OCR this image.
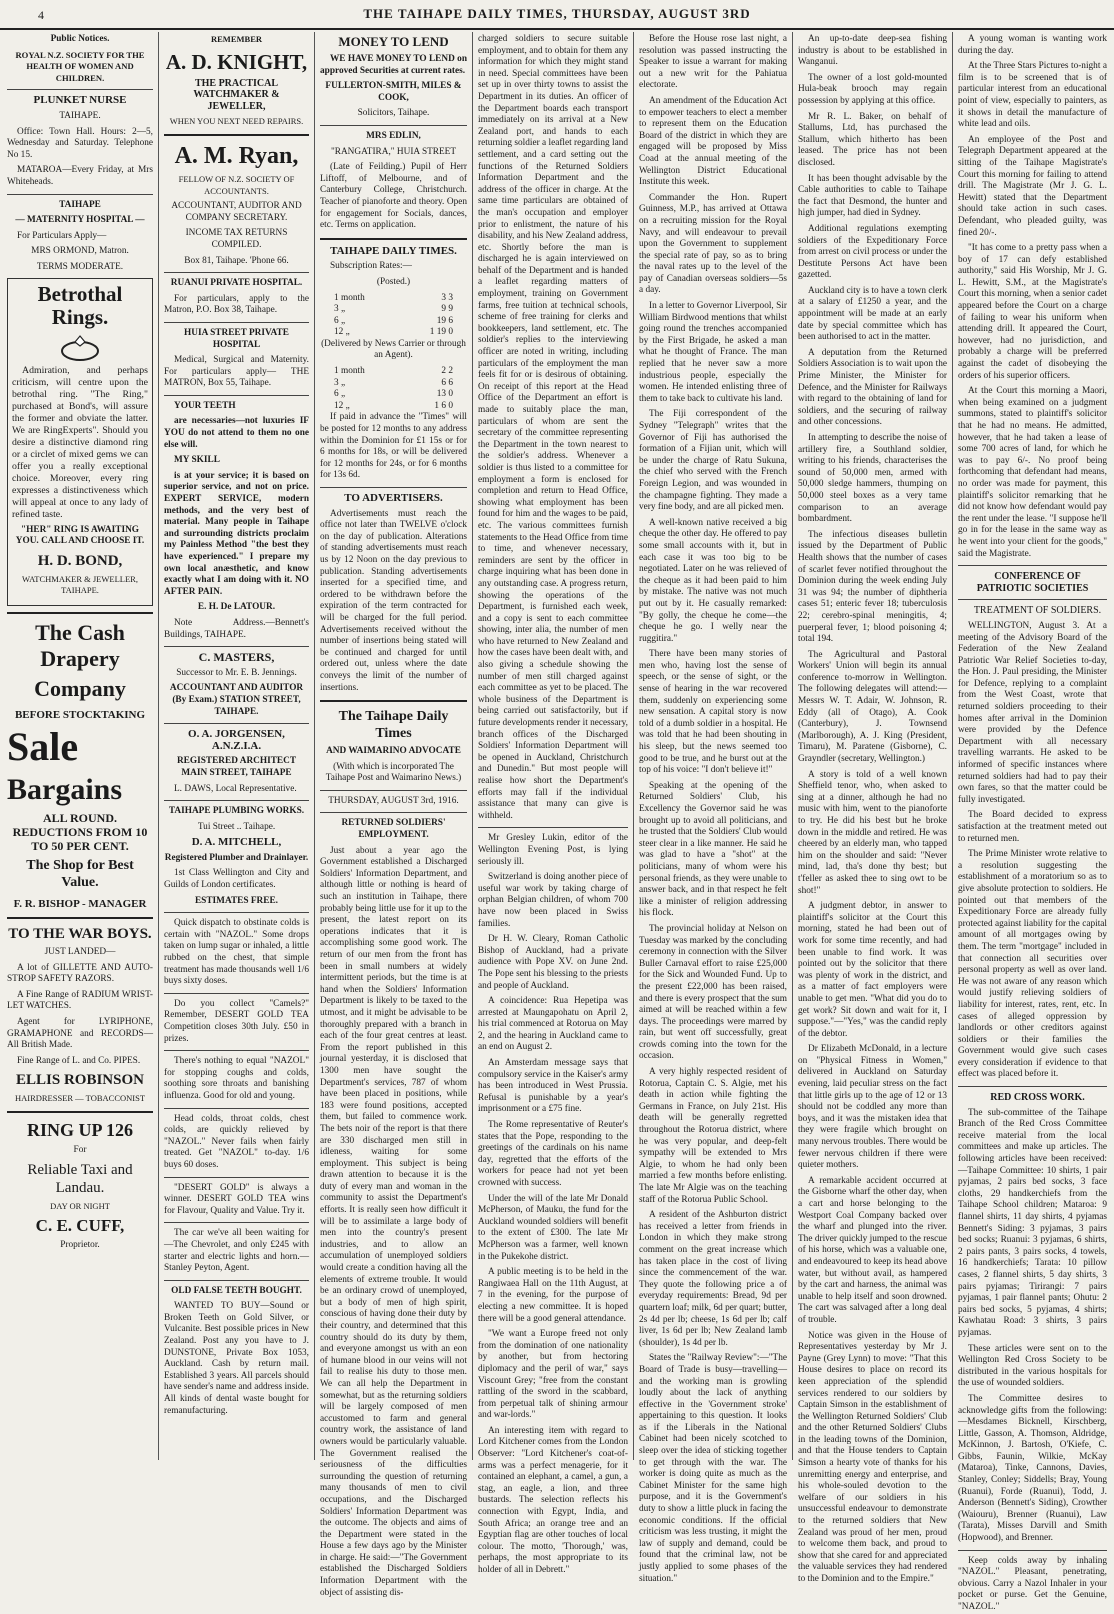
4	THE TAIHAPE DAILY TIMES, THURSDAY, AUGUST 3RD

Public Notices.

ROYAL N.Z. SOCIETY FOR THE HEALTH OF WOMEN AND CHILDREN.

PLUNKET NURSE

TAIHAPE.

Office: Town Hall. Hours: 2—5, Wednesday and Saturday. Telephone No 15.

MATAROA—Every Friday, at Mrs Whiteheads.

TAIHAPE

— MATERNITY HOSPITAL —

For Particulars Apply—

MRS ORMOND, Matron.

TERMS MODERATE.

Betrothal Rings.

Admiration, and perhaps criticism, will centre upon the betrothal ring. "The Ring," purchased at Bond's, will assure the former and obviate the latter. We are RingExperts". Should you desire a distinctive diamond ring or a circlet of mixed gems we can offer you a really exceptional choice. Moreover, every ring expresses a distinctiveness which will appeal at once to any lady of refined taste.

"HER" RING IS AWAITING YOU. CALL AND CHOOSE IT.

H. D. BOND,

WATCHMAKER & JEWELLER, TAIHAPE.

The Cash Drapery

Company

BEFORE STOCKTAKING

Sale

Bargains

ALL ROUND. REDUCTIONS FROM 10 TO 50 PER CENT.

The Shop for Best Value.

F. R. BISHOP - MANAGER

TO THE WAR BOYS.

JUST LANDED—

A lot of GILLETTE AND AUTO-STROP SAFETY RAZORS.

A Fine Range of RADIUM WRIST-LET WATCHES.

Agent for LYRIPHONE, GRAMAPHONE and RECORDS—All British Made.

Fine Range of L. and Co. PIPES.

ELLIS ROBINSON

HAIRDRESSER — TOBACCONIST

RING UP 126

For

Reliable Taxi and Landau.

DAY OR NIGHT

C. E. CUFF,

Proprietor.

REMEMBER

A. D. KNIGHT,

THE PRACTICAL WATCHMAKER & JEWELLER,

WHEN YOU NEXT NEED REPAIRS.

A. M. Ryan,

FELLOW OF N.Z. SOCIETY OF ACCOUNTANTS.

ACCOUNTANT, AUDITOR AND COMPANY SECRETARY.

INCOME TAX RETURNS COMPILED.

Box 81, Taihape. 'Phone 66.

RUANUI PRIVATE HOSPITAL.

For particulars, apply to the Matron, P.O. Box 38, Taihape.

HUIA STREET PRIVATE HOSPITAL

Medical, Surgical and Maternity. For particulars apply— THE MATRON, Box 55, Taihape.

YOUR TEETH

are necessaries—not luxuries IF YOU do not attend to them no one else will.

MY SKILL

is at your service; it is based on superior service, and not on price. EXPERT SERVICE, modern methods, and the very best of material. Many people in Taihape and surrounding districts proclaim my Painless Method "the best they have experienced." I prepare my own local anæsthetic, and know exactly what I am doing with it. NO AFTER PAIN.

E. H. De LATOUR.

Note Address.—Bennett's Buildings, TAIHAPE.

C. MASTERS,

Successor to Mr. E. B. Jennings.

ACCOUNTANT AND AUDITOR (By Exam.) STATION STREET, TAIHAPE.

O. A. JORGENSEN, A.N.Z.I.A.

REGISTERED ARCHITECT MAIN STREET, TAIHAPE

L. DAWS, Local Representative.

TAIHAPE PLUMBING WORKS.

Tui Street .. Taihape.

D. A. MITCHELL,

Registered Plumber and Drainlayer.

1st Class Wellington and City and Guilds of London certificates.

ESTIMATES FREE.

Quick dispatch to obstinate colds is certain with "NAZOL." Some drops taken on lump sugar or inhaled, a little rubbed on the chest, that simple treatment has made thousands well 1/6 buys sixty doses.

Do you collect "Camels?" Remember, DESERT GOLD TEA Competition closes 30th July. £50 in prizes.

There's nothing to equal "NAZOL" for stopping coughs and colds, soothing sore throats and banishing influenza. Good for old and young.

Head colds, throat colds, chest colds, are quickly relieved by "NAZOL." Never fails when fairly treated. Get "NAZOL" to-day. 1/6 buys 60 doses.

"DESERT GOLD" is always a winner. DESERT GOLD TEA wins for Flavour, Quality and Value. Try it.

The car we've all been waiting for—The Chevrolet, and only £245 with starter and electric lights and horn.—Stanley Peyton, Agent.

OLD FALSE TEETH BOUGHT.

WANTED TO BUY—Sound or Broken Teeth on Gold Silver, or Vulcanite. Best possible prices in New Zealand. Post any you have to J. DUNSTONE, Private Box 1053, Auckland. Cash by return mail. Established 3 years. All parcels should have sender's name and address inside. All kinds of dental waste bought for remanufacturing.

MONEY TO LEND

WE HAVE MONEY TO LEND on approved Securities at current rates.

FULLERTON-SMITH, MILES & COOK,

Solicitors, Taihape.

MRS EDLIN,

"RANGATIRA," HUIA STREET

(Late of Feilding.) Pupil of Herr Liftoff, of Melbourne, and of Canterbury College, Christchurch. Teacher of pianoforte and theory. Open for engagement for Socials, dances, etc. Terms on application.

TAIHAPE DAILY TIMES.

Subscription Rates:—

(Posted.)

1 month	3 3
3 „	9 9
6 „	19 6
12 „	1 19 0

(Delivered by News Carrier or through an Agent).

1 month	2 2
3 „	6 6
6 „	13 0
12 „	1 6 0

If paid in advance the "Times" will be posted for 12 months to any address within the Dominion for £1 15s or for 6 months for 18s, or will be delivered for 12 months for 24s, or for 6 months for 13s 6d.

TO ADVERTISERS.

Advertisements must reach the office not later than TWELVE o'clock on the day of publication. Alterations of standing advertisements must reach us by 12 Noon on the day previous to publication. Standing advertisements inserted for a specified time, and ordered to be withdrawn before the expiration of the term contracted for will be charged for the full period. Advertisements received without the number of insertions being stated will be continued and charged for until ordered out, unless where the date conveys the limit of the number of insertions.

The Taihape Daily Times

AND WAIMARINO ADVOCATE

(With which is incorporated The Taihape Post and Waimarino News.)

THURSDAY, AUGUST 3rd, 1916.

RETURNED SOLDIERS' EMPLOYMENT.

Just about a year ago the Government established a Discharged Soldiers' Information Department, and although little or nothing is heard of such an institution in Taihape, there probably being little use for it up to the present, the latest report on its operations indicates that it is accomplishing some good work. The return of our men from the front has been in small numbers at widely intermittent periods, but the time is at hand when the Soldiers' Information Department is likely to be taxed to the utmost, and it might be advisable to be thoroughly prepared with a branch in each of the four great centres at least. From the report published in this journal yesterday, it is disclosed that 1300 men have sought the Department's services, 787 of whom have been placed in positions, while 183 were found positions, accepted them, but failed to commence work. The bets noir of the report is that there are 330 discharged men still in idleness, waiting for some employment. This subject is being drawn attention to because it is the duty of every man and woman in the community to assist the Department's efforts. It is really seen how difficult it will be to assimilate a large body of men into the country's present industries, and to allow an accumulation of unemployed soldiers would create a condition having all the elements of extreme trouble. It would be an ordinary crowd of unemployed, but a body of men of high spirit, conscious of having done their duty by their country, and determined that this country should do its duty by them, and everyone amongst us with an eon of humane blood in our veins will not fail to realise his duty to those men. We can all help the Department in somewhat, but as the returning soldiers will be largely composed of men accustomed to farm and general country work, the assistance of land owners would be particularly valuable. The Government realised the seriousness of the difficulties surrounding the question of returning many thousands of men to civil occupations, and the Discharged Soldiers' Information Department was the outcome. The objects and aims of the Department were stated in the House a few days ago by the Minister in charge. He said:—"The Government established the Discharged Soldiers Information Department with the object of assisting dis-

charged soldiers to secure suitable employment, and to obtain for them any information for which they might stand in need. Special committees have been set up in over thirty towns to assist the Department in its duties. An officer of the Department boards each transport immediately on its arrival at a New Zealand port, and hands to each returning soldier a leaflet regarding land settlement, and a card setting out the functions of the Returned Soldiers Information Department and the address of the officer in charge. At the same time particulars are obtained of the man's occupation and employer prior to enlistment, the nature of his disability, and his New Zealand address, etc. Shortly before the man is discharged he is again interviewed on behalf of the Department and is handed a leaflet regarding matters of employment, training on Government farms, free tuition at technical schools, scheme of free training for clerks and bookkeepers, land settlement, etc. The soldier's replies to the interviewing officer are noted in writing, including particulars of the employment the man feels fit for or is desirous of obtaining. On receipt of this report at the Head Office of the Department an effort is made to suitably place the man, particulars of whom are sent the secretary of the committee representing the Department in the town nearest to the soldier's address. Whenever a soldier is thus listed to a committee for employment a form is enclosed for completion and return to Head Office, showing what employment has been found for him and the wages to be paid, etc. The various committees furnish statements to the Head Office from time to time, and whenever necessary, reminders are sent by the officer in charge inquiring what has been done in any outstanding case. A progress return, showing the operations of the Department, is furnished each week, and a copy is sent to each committee showing, inter alia, the number of men who have returned to New Zealand and how the cases have been dealt with, and also giving a schedule showing the number of men still charged against each committee as yet to be placed. The whole business of the Department is being carried out satisfactorily, but if future developments render it necessary, branch offices of the Discharged Soldiers' Information Department will be opened in Auckland, Christchurch and Dunedin." But most people will realise how short the Department's efforts may fall if the individual assistance that many can give is withheld.

Mr Gresley Lukin, editor of the Wellington Evening Post, is lying seriously ill.

Switzerland is doing another piece of useful war work by taking charge of orphan Belgian children, of whom 700 have now been placed in Swiss families.

Dr H. W. Cleary, Roman Catholic Bishop of Auckland, had a private audience with Pope XV. on June 2nd. The Pope sent his blessing to the priests and people of Auckland.

A coincidence: Rua Hepetipa was arrested at Maungapohatu on April 2, his trial commenced at Rotorua on May 2, and the hearing in Auckland came to an end on August 2.

An Amsterdam message says that compulsory service in the Kaiser's army has been introduced in West Prussia. Refusal is punishable by a year's imprisonment or a £75 fine.

The Rome representative of Reuter's states that the Pope, responding to the greetings of the cardinals on his name day, regretted that the efforts of the workers for peace had not yet been crowned with success.

Under the will of the late Mr Donald McPherson, of Mauku, the fund for the Auckland wounded soldiers will benefit to the extent of £300. The late Mr McPherson was a farmer, well known in the Pukekohe district.

A public meeting is to be held in the Rangiwaea Hall on the 11th August, at 7 in the evening, for the purpose of electing a new committee. It is hoped there will be a good general attendance.

"We want a Europe freed not only from the domination of one nationality by another, but from hectoring diplomacy and the peril of war," says Viscount Grey; "free from the constant rattling of the sword in the scabbard, from perpetual talk of shining armour and war-lords."

An interesting item with regard to Lord Kitchener comes from the London Observer: "Lord Kitchener's coat-of-arms was a perfect menagerie, for it contained an elephant, a camel, a gun, a stag, an eagle, a lion, and three bustards. The selection reflects his connection with Egypt, India, and South Africa; an orange tree and an Egyptian flag are other touches of local colour. The motto, 'Thorough,' was, perhaps, the most appropriate to its holder of all in Debrett."

Before the House rose last night, a resolution was passed instructing the Speaker to issue a warrant for making out a new writ for the Pahiatua electorate.

An amendment of the Education Act to empower teachers to elect a member to represent them on the Education Board of the district in which they are engaged will be proposed by Miss Coad at the annual meeting of the Wellington District Educational Institute this week.

Commander the Hon. Rupert Guinness, M.P., has arrived at Ottawa on a recruiting mission for the Royal Navy, and will endeavour to prevail upon the Government to supplement the special rate of pay, so as to bring the naval rates up to the level of the pay of Canadian overseas soldiers—5s a day.

In a letter to Governor Liverpool, Sir William Birdwood mentions that whilst going round the trenches accompanied by the First Brigade, he asked a man what he thought of France. The man replied that he never saw a more industrious people, especially the women. He intended enlisting three of them to take back to cultivate his land.

The Fiji correspondent of the Sydney "Telegraph" writes that the Governor of Fiji has authorised the formation of a Fijian unit, which will be under the charge of Ratu Sukuna, the chief who served with the French Foreign Legion, and was wounded in the champagne fighting. They made a very fine body, and are all picked men.

A well-known native received a big cheque the other day. He offered to pay some small accounts with it, but in each case it was too big to be negotiated. Later on he was relieved of the cheque as it had been paid to him by mistake. The native was not much put out by it. He casually remarked: "By golly, the cheque he come—the cheque he go. I welly near the ruggitira."

There have been many stories of men who, having lost the sense of speech, or the sense of sight, or the sense of hearing in the war recovered them, suddenly on experiencing some new sensation. A capital story is now told of a dumb soldier in a hospital. He was told that he had been shouting in his sleep, but the news seemed too good to be true, and he burst out at the top of his voice: "I don't believe it!"

Speaking at the opening of the Returned Soldiers' Club, his Excellency the Governor said he was brought up to avoid all politicians, and he trusted that the Soldiers' Club would steer clear in a like manner. He said he was glad to have a "shot" at the politicians, many of whom were his personal friends, as they were unable to answer back, and in that respect he felt like a minister of religion addressing his flock.

The provincial holiday at Nelson on Tuesday was marked by the concluding ceremony in connection with the Silver Buller Carnaval effort to raise £25,000 for the Sick and Wounded Fund. Up to the present £22,000 has been raised, and there is every prospect that the sum aimed at will be reached within a few days. The proceedings were marred by rain, but went off successfully, great crowds coming into the town for the occasion.

A very highly respected resident of Rotorua, Captain C. S. Algie, met his death in action while fighting the Germans in France, on July 21st. His death will be generally regretted throughout the Rotorua district, where he was very popular, and deep-felt sympathy will be extended to Mrs Algie, to whom he had only been married a few months before enlisting. The late Mr Algie was on the teaching staff of the Rotorua Public School.

A resident of the Ashburton district has received a letter from friends in London in which they make strong comment on the great increase which has taken place in the cost of living since the commencement of the war. They quote the following price a of everyday requirements: Bread, 9d per quartern loaf; milk, 6d per quart; butter, 2s 4d per lb; cheese, 1s 6d per lb; calf liver, 1s 6d per lb; New Zealand lamb (shoulder), 1s 4d per lb.

States the "Railway Review":—"The Board of Trade is busy—travelling—and the working man is growling loudly about the lack of anything effective in the 'Government stroke' appertaining to this question. It looks as if the Liberals in the National Cabinet had been nicely scotched to sleep over the idea of sticking together to get through with the war. The worker is doing quite as much as the Cabinet Minister for the same high purpose, and it is the Government's duty to show a little pluck in facing the economic conditions. If the official criticism was less trusting, it might the law of supply and demand, could be found that the criminal law, not be justly applied to some phases of the situation."

An up-to-date deep-sea fishing industry is about to be established in Wanganui.

The owner of a lost gold-mounted Hula-beak brooch may regain possession by applying at this office.

Mr R. L. Baker, on behalf of Stallums, Ltd, has purchased the Stallum, which hitherto has been leased. The price has not been disclosed.

It has been thought advisable by the Cable authorities to cable to Taihape the fact that Desmond, the hunter and high jumper, had died in Sydney.

Additional regulations exempting soldiers of the Expeditionary Force from arrest on civil process or under the Destitute Persons Act have been gazetted.

Auckland city is to have a town clerk at a salary of £1250 a year, and the appointment will be made at an early date by special committee which has been authorised to act in the matter.

A deputation from the Returned Soldiers Association is to wait upon the Prime Minister, the Minister for Defence, and the Minister for Railways with regard to the obtaining of land for soldiers, and the securing of railway and other concessions.

In attempting to describe the noise of artillery fire, a Southland soldier, writing to his friends, characterises the sound of 50,000 men, armed with 50,000 sledge hammers, thumping on 50,000 steel boxes as a very tame comparison to an average bombardment.

The infectious diseases bulletin issued by the Department of Public Health shows that the number of cases of scarlet fever notified throughout the Dominion during the week ending July 31 was 94; the number of diphtheria cases 51; enteric fever 18; tuberculosis 22; cerebro-spinal meningitis, 4; puerperal fever, 1; blood poisoning 4; total 194.

The Agricultural and Pastoral Workers' Union will begin its annual conference to-morrow in Wellington. The following delegates will attend:—Messrs W. T. Adair, W. Johnson, R. Eddy (all of Otago), A. Cook (Canterbury), J. Townsend (Marlborough), A. J. King (President, Timaru), M. Paratene (Gisborne), C. Grayndler (secretary, Wellington.)

A story is told of a well known Sheffield tenor, who, when asked to sing at a dinner, although he had no music with him, went to the pianoforte to try. He did his best but he broke down in the middle and retired. He was cheered by an elderly man, who tapped him on the shoulder and said: "Never mind, lad, tha's done thy best; but t'feller as asked thee to sing owt to be shot!"

A judgment debtor, in answer to plaintiff's solicitor at the Court this morning, stated he had been out of work for some time recently, and had been unable to find work. It was pointed out by the solicitor that there was plenty of work in the district, and as a matter of fact employers were unable to get men. "What did you do to get work? Sit down and wait for it, I suppose."—"Yes," was the candid reply of the debtor.

Dr Elizabeth McDonald, in a lecture on "Physical Fitness in Women," delivered in Auckland on Saturday evening, laid peculiar stress on the fact that little girls up to the age of 12 or 13 should not be coddled any more than boys, and it was the mistaken idea that they were fragile which brought on many nervous troubles. There would be fewer nervous children if there were quieter mothers.

A remarkable accident occurred at the Gisborne wharf the other day, when a cart and horse belonging to the Westport Coal Company backed over the wharf and plunged into the river. The driver quickly jumped to the rescue of his horse, which was a valuable one, and endeavoured to keep its head above water, but without avail, as hampered by the cart and harness, the animal was unable to help itself and soon drowned. The cart was salvaged after a long deal of trouble.

Notice was given in the House of Representatives yesterday by Mr J. Payne (Grey Lynn) to move: "That this House desires to place on record its keen appreciation of the splendid services rendered to our soldiers by Captain Simson in the establishment of the Wellington Returned Soldiers' Club and the other Returned Soldiers' Clubs in the leading towns of the Dominion, and that the House tenders to Captain Simson a hearty vote of thanks for his unremitting energy and enterprise, and his whole-souled devotion to the welfare of our soldiers in his unsuccessful endeavour to demonstrate to the returned soldiers that New Zealand was proud of her men, proud to welcome them back, and proud to show that she cared for and appreciated the valuable services they had rendered to the Dominion and to the Empire."

A young woman is wanting work during the day.

At the Three Stars Pictures to-night a film is to be screened that is of particular interest from an educational point of view, especially to painters, as it shows in detail the manufacture of white lead and oils.

An employee of the Post and Telegraph Department appeared at the sitting of the Taihape Magistrate's Court this morning for failing to attend drill. The Magistrate (Mr J. G. L. Hewitt) stated that the Department should take action in such cases. Defendant, who pleaded guilty, was fined 20/-.

"It has come to a pretty pass when a boy of 17 can defy established authority," said His Worship, Mr J. G. L. Hewitt, S.M., at the Magistrate's Court this morning, when a senior cadet appeared before the Court on a charge of failing to wear his uniform when attending drill. It appeared the Court, however, had no jurisdiction, and probably a charge will be preferred against the cadet of disobeying the orders of his superior officers.

At the Court this morning a Maori, when being examined on a judgment summons, stated to plaintiff's solicitor that he had no means. He admitted, however, that he had taken a lease of some 700 acres of land, for which he was to pay 6/-. No proof being forthcoming that defendant had means, no order was made for payment, this plaintiff's solicitor remarking that he did not know how defendant would pay the rent under the lease. "I suppose he'll go in for the lease in the same way as he went into your client for the goods," said the Magistrate.

CONFERENCE OF PATRIOTIC SOCIETIES

TREATMENT OF SOLDIERS.

WELLINGTON, August 3. At a meeting of the Advisory Board of the Federation of the New Zealand Patriotic War Relief Societies to-day, the Hon. J. Paul presiding, the Minister for Defence, replying to a complaint from the West Coast, wrote that returned soldiers proceeding to their homes after arrival in the Dominion were provided by the Defence Department with all necessary travelling warrants. He asked to be informed of specific instances where returned soldiers had had to pay their own fares, so that the matter could be fully investigated.

The Board decided to express satisfaction at the treatment meted out to returned men.

The Prime Minister wrote relative to a resolution suggesting the establishment of a moratorium so as to give absolute protection to soldiers. He pointed out that members of the Expeditionary Force are already fully protected against liability for the capital amount of all mortgages owing by them. The term "mortgage" included in that connection all securities over personal property as well as over land. He was not aware of any reason which would justify relieving soldiers of liability for interest, rates, rent, etc. In cases of alleged oppression by landlords or other creditors against soldiers or their families the Government would give such cases every consideration if evidence to that effect was placed before it.

RED CROSS WORK.

The sub-committee of the Taihape Branch of the Red Cross Committee receive material from the local committees and make up articles. The following articles have been received:—Taihape Committee: 10 shirts, 1 pair pyjamas, 2 pairs bed socks, 3 face cloths, 29 handkerchiefs from the Taihape School children; Mataroa: 9 flannel shirts, 11 day shirts, 4 pyjamas Bennett's Siding: 3 pyjamas, 3 pairs bed socks; Ruanui: 3 pyjamas, 6 shirts, 2 pairs pants, 3 pairs socks, 4 towels, 16 handkerchiefs; Tarata: 10 pillow cases, 2 flannel shirts, 5 day shirts, 3 pairs pyjamas; Tirirangi: 7 pairs pyjamas, 1 pair flannel pants; Ohutu: 2 pairs bed socks, 5 pyjamas, 4 shirts; Kawhatau Road: 3 shirts, 3 pairs pyjamas.

These articles were sent on to the Wellington Red Cross Society to be distributed in the various hospitals for the use of wounded soldiers.

The Committee desires to acknowledge gifts from the following:—Mesdames Bicknell, Kirschberg, Little, Gasson, A. Thomson, Aldridge, McKinnon, J. Bartosh, O'Kiefe, C. Gibbs, Faunin, Wilkie, McKay (Mataroa), Tinke, Cannons, Davies, Stanley, Conley; Siddells; Bray, Young (Ruanui), Forde (Ruanui), Todd, J. Anderson (Bennett's Siding), Crowther (Waiouru), Brenner (Ruanui), Law (Tarata), Misses Darvill and Smith (Hopwood), and Brenner.

Keep colds away by inhaling "NAZOL." Pleasant, penetrating, obvious. Carry a Nazol Inhaler in your pocket or purse. Get the Genuine, "NAZOL."
